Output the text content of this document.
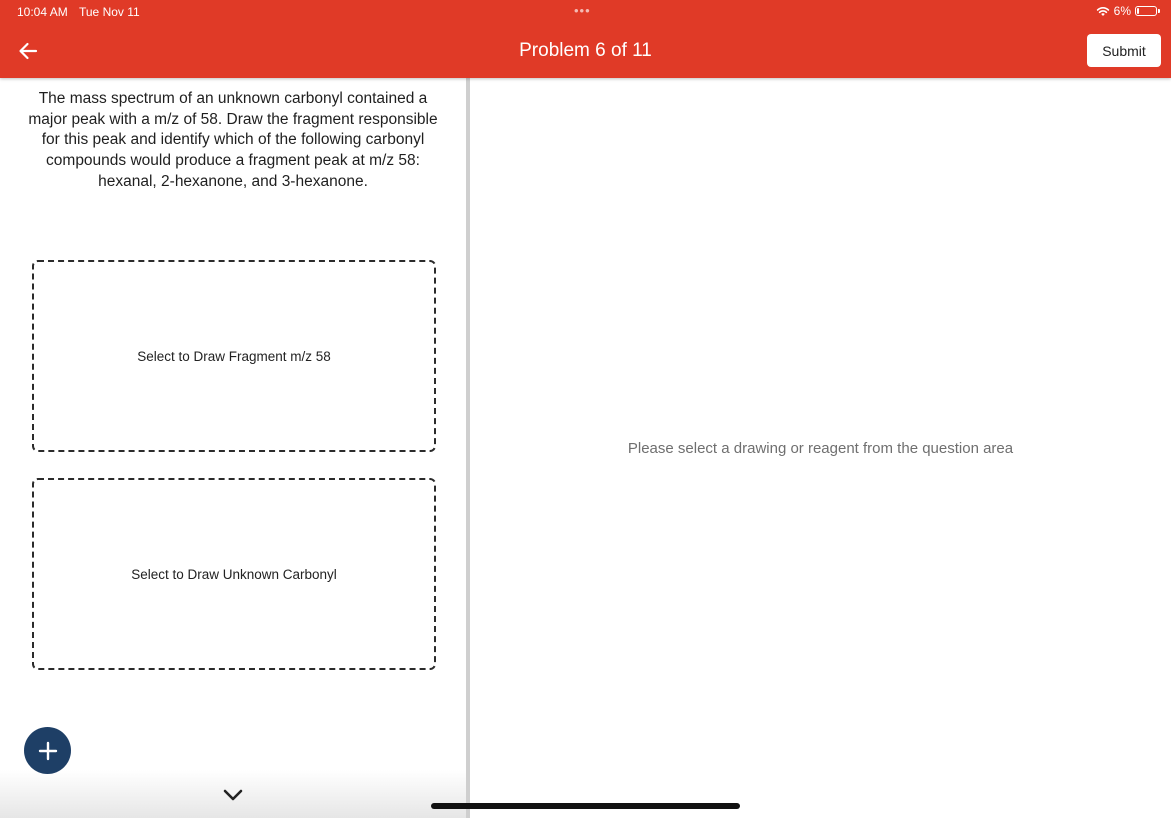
10:04 AM Tue Nov 11	•••	6%
Problem 6 of 11	Submit

The mass spectrum of an unknown carbonyl contained a major peak with a m/z of 58. Draw the fragment responsible for this peak and identify which of the following carbonyl compounds would produce a fragment peak at m/z 58: hexanal, 2-hexanone, and 3-hexanone.

Select to Draw Fragment m/z 58
Select to Draw Unknown Carbonyl
Please select a drawing or reagent from the question area
